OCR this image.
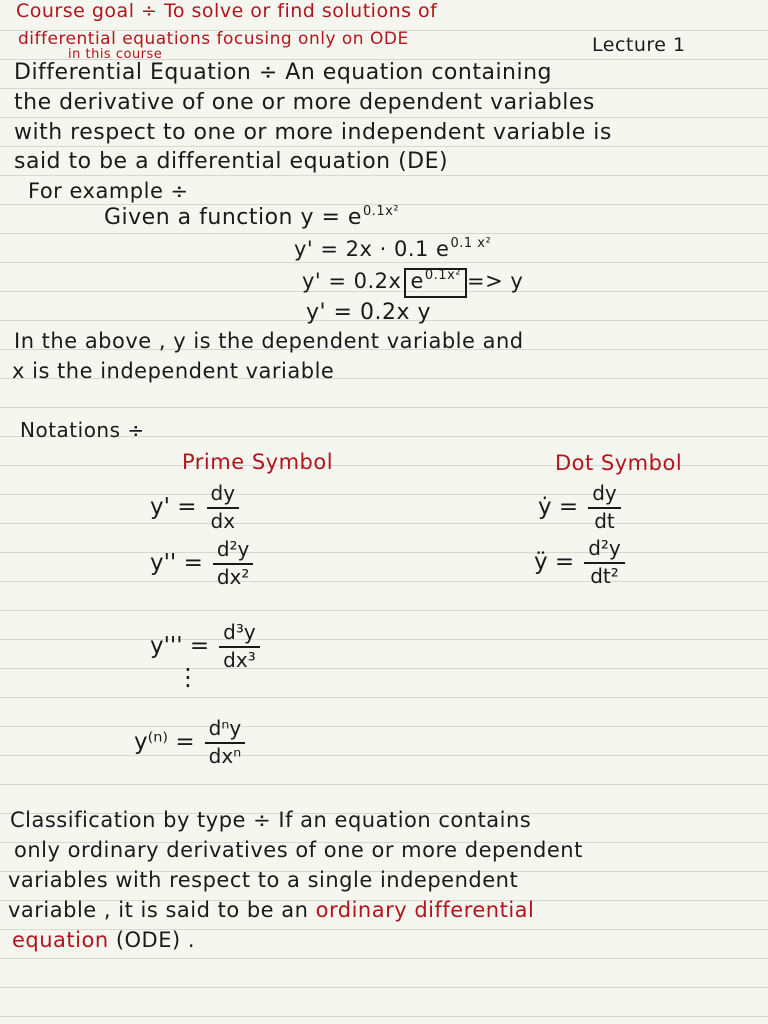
Course goal ÷ To solve or find solutions of
differential equations focusing only on ODE
in this course	Lecture 1
Differential Equation ÷ An equation containing
the derivative of one or more dependent variables
with respect to one or more independent variable is
said to be a differential equation (DE)
For example ÷
Given a function $y = e^{0.1x^2}$
y' = 2x · 0.1 $e^{0.1 x^2}$
y' = 0.2x $e^{0.1x^2} => y$
y' = 0.2x y
In the above , y is the dependent variable and
x is the independent variable
Notations ÷
Prime Symbol	Dot Symbol
$y' = \frac{dy}{dx}$
$y'' = \frac{\text{d²y}}{\text{dx²}}$
$y''' = \frac{\text{d³y}}{\text{dx³}}$
⋮
$y^{(n)} = \frac{\text{dⁿy}}{\text{dxⁿ}}$
ẏ = $\frac{dy}{dt}$
ÿ = $\frac{\text{d²y}}{\text{dt²}}$
Classification by type ÷ If an equation contains
only ordinary derivatives of one or more dependent
variables with respect to a single independent
variable , it is said to be an ordinary differential
equation (ODE) .
